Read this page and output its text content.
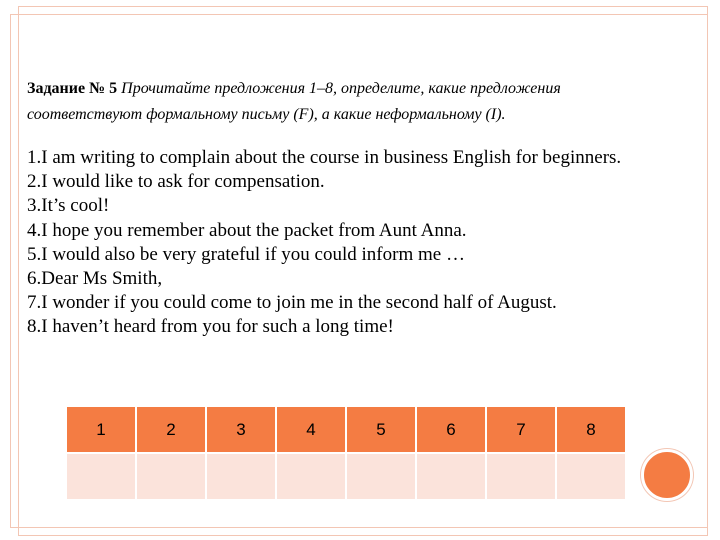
Задание № 5 Прочитайте предложения 1–8, определите, какие предложения соответствуют формальному письму (F), а какие неформальному (I).
1.I am writing to complain about the course in business English for beginners.
2.I would like to ask for compensation.
3.It’s cool!
4.I hope you remember about the packet from Aunt Anna.
5.I would also be very grateful if you could inform me …
6.Dear Ms Smith,
7.I wonder if you could come to join me in the second half of August.
8.I haven’t heard from you for such a long time!
1	2	3	4	5	6	7	8
